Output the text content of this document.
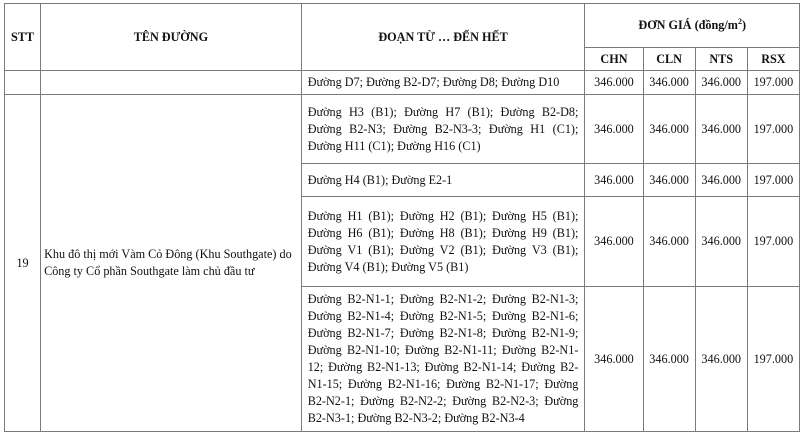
STT	TÊN ĐƯỜNG	ĐOẠN TỪ … ĐẾN HẾT	ĐƠN GIÁ $(đồng/m^2)$			
			CHN	CLN	NTS	RSX
		Đường D7; Đường B2-D7; Đường D8; Đường D10	346.000	346.000	346.000	197.000
19	Khu đô thị mới Vàm Cỏ Đông (Khu Southgate) do Công ty Cổ phần Southgate làm chủ đầu tư	Đường H3 (B1); Đường H7 (B1); Đường B2-D8; Đường B2-N3; Đường B2-N3-3; Đường H1 (C1); Đường H11 (C1); Đường H16 (C1)	346.000	346.000	346.000	197.000
		Đường H4 (B1); Đường E2-1	346.000	346.000	346.000	197.000
		Đường H1 (B1); Đường H2 (B1); Đường H5 (B1); Đường H6 (B1); Đường H8 (B1); Đường H9 (B1); Đường V1 (B1); Đường V2 (B1); Đường V3 (B1); Đường V4 (B1); Đường V5 (B1)	346.000	346.000	346.000	197.000
		Đường B2-N1-1; Đường B2-N1-2; Đường B2-N1-3; Đường B2-N1-4; Đường B2-N1-5; Đường B2-N1-6; Đường B2-N1-7; Đường B2-N1-8; Đường B2-N1-9; Đường B2-N1-10; Đường B2-N1-11; Đường B2-N1-12; Đường B2-N1-13; Đường B2-N1-14; Đường B2-N1-15; Đường B2-N1-16; Đường B2-N1-17; Đường B2-N2-1; Đường B2-N2-2; Đường B2-N2-3; Đường B2-N3-1; Đường B2-N3-2; Đường B2-N3-4	346.000	346.000	346.000	197.000
